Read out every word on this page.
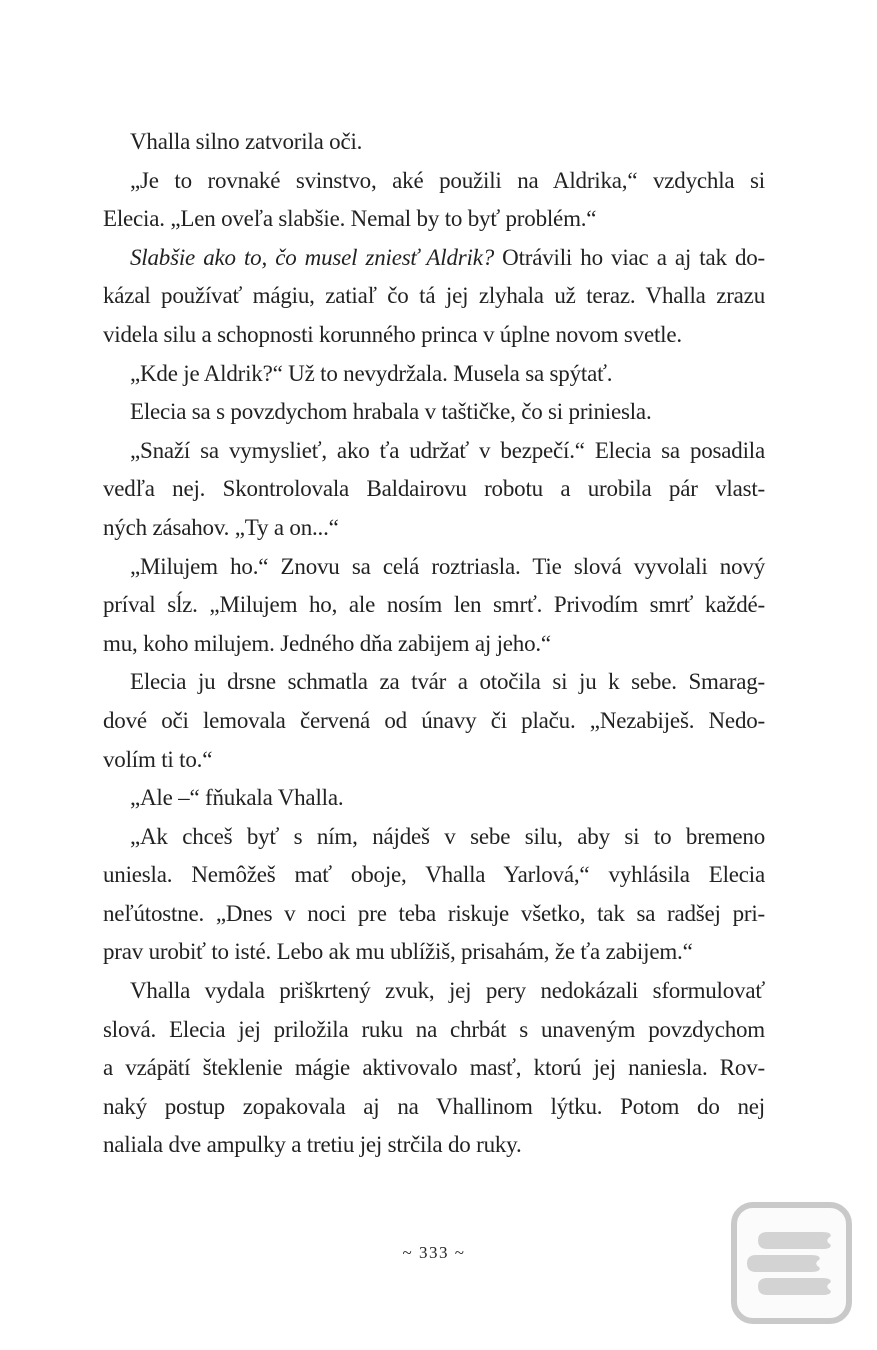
Vhalla silno zatvorila oči.
„Je to rovnaké svinstvo, aké použili na Aldrika,“ vzdychla si
Elecia. „Len oveľa slabšie. Nemal by to byť problém.“
Slabšie ako to, čo musel zniesť Aldrik? Otrávili ho viac a aj tak do-
kázal používať mágiu, zatiaľ čo tá jej zlyhala už teraz. Vhalla zrazu
videla silu a schopnosti korunného princa v úplne novom svetle.
„Kde je Aldrik?“ Už to nevydržala. Musela sa spýtať.
Elecia sa s povzdychom hrabala v taštičke, čo si priniesla.
„Snaží sa vymyslieť, ako ťa udržať v bezpečí.“ Elecia sa posadila
vedľa nej. Skontrolovala Baldairovu robotu a urobila pár vlast-
ných zásahov. „Ty a on...“
„Milujem ho.“ Znovu sa celá roztriasla. Tie slová vyvolali nový
príval sĺz. „Milujem ho, ale nosím len smrť. Privodím smrť každé-
mu, koho milujem. Jedného dňa zabijem aj jeho.“
Elecia ju drsne schmatla za tvár a otočila si ju k sebe. Smarag-
dové oči lemovala červená od únavy či plaču. „Nezabiješ. Nedo-
volím ti to.“
„Ale –“ fňukala Vhalla.
„Ak chceš byť s ním, nájdeš v sebe silu, aby si to bremeno
uniesla. Nemôžeš mať oboje, Vhalla Yarlová,“ vyhlásila Elecia
neľútostne. „Dnes v noci pre teba riskuje všetko, tak sa radšej pri-
prav urobiť to isté. Lebo ak mu ublížiš, prisahám, že ťa zabijem.“
Vhalla vydala priškrtený zvuk, jej pery nedokázali sformulovať
slová. Elecia jej priložila ruku na chrbát s unaveným povzdychom
a vzápätí šteklenie mágie aktivovalo masť, ktorú jej naniesla. Rov-
naký postup zopakovala aj na Vhallinom lýtku. Potom do nej
naliala dve ampulky a tretiu jej strčila do ruky.
~ 333 ~
